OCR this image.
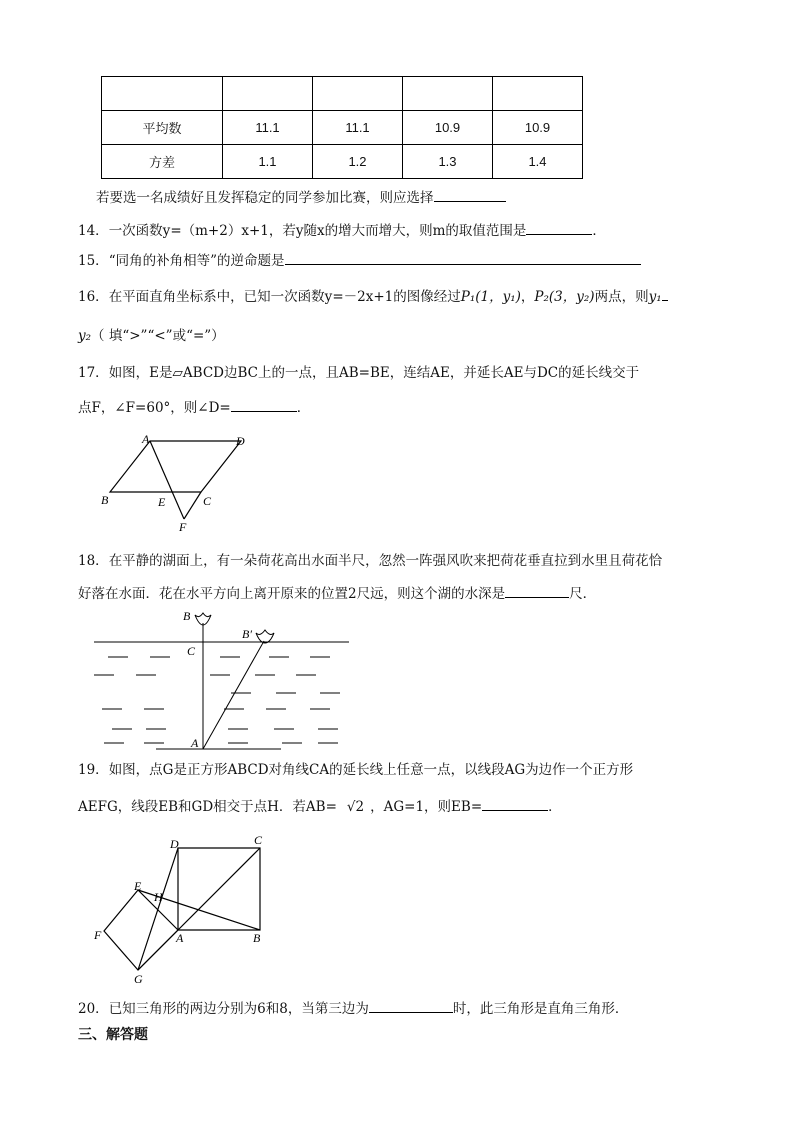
平均数	11.1	11.1	10.9	10.9
方差	1.1	1.2	1.3	1.4
若要选一名成绩好且发挥稳定的同学参加比赛，则应选择
14．一次函数y=（m+2）x+1，若y随x的增大而增大，则m的取值范围是	．
15．“同角的补角相等”的逆命题是
16．在平面直角坐标系中，已知一次函数y=－2x+1的图像经过P₁(1，y₁)，P₂(3，y₂)两点，则y₁
y₂（ 填“>”“<”或“=”）
17．如图，E是▱ABCD边BC上的一点，且AB=BE，连结AE，并延长AE与DC的延长线交于
点F，∠F=60°，则∠D=	．
A	D
B	E	C
F
18．在平静的湖面上，有一朵荷花高出水面半尺，忽然一阵强风吹来把荷花垂直拉到水里且荷花恰
好落在水面．花在水平方向上离开原来的位置2尺远，则这个湖的水深是	尺．
B
B′
C
A
19．如图，点G是正方形ABCD对角线CA的延长线上任意一点，以线段AG为边作一个正方形
AEFG，线段EB和GD相交于点H．若AB= √2 ，AG=1，则EB=	．
D	C
E
H
F	A	B
G
20．已知三角形的两边分别为6和8，当第三边为	时，此三角形是直角三角形．
三、解答题
